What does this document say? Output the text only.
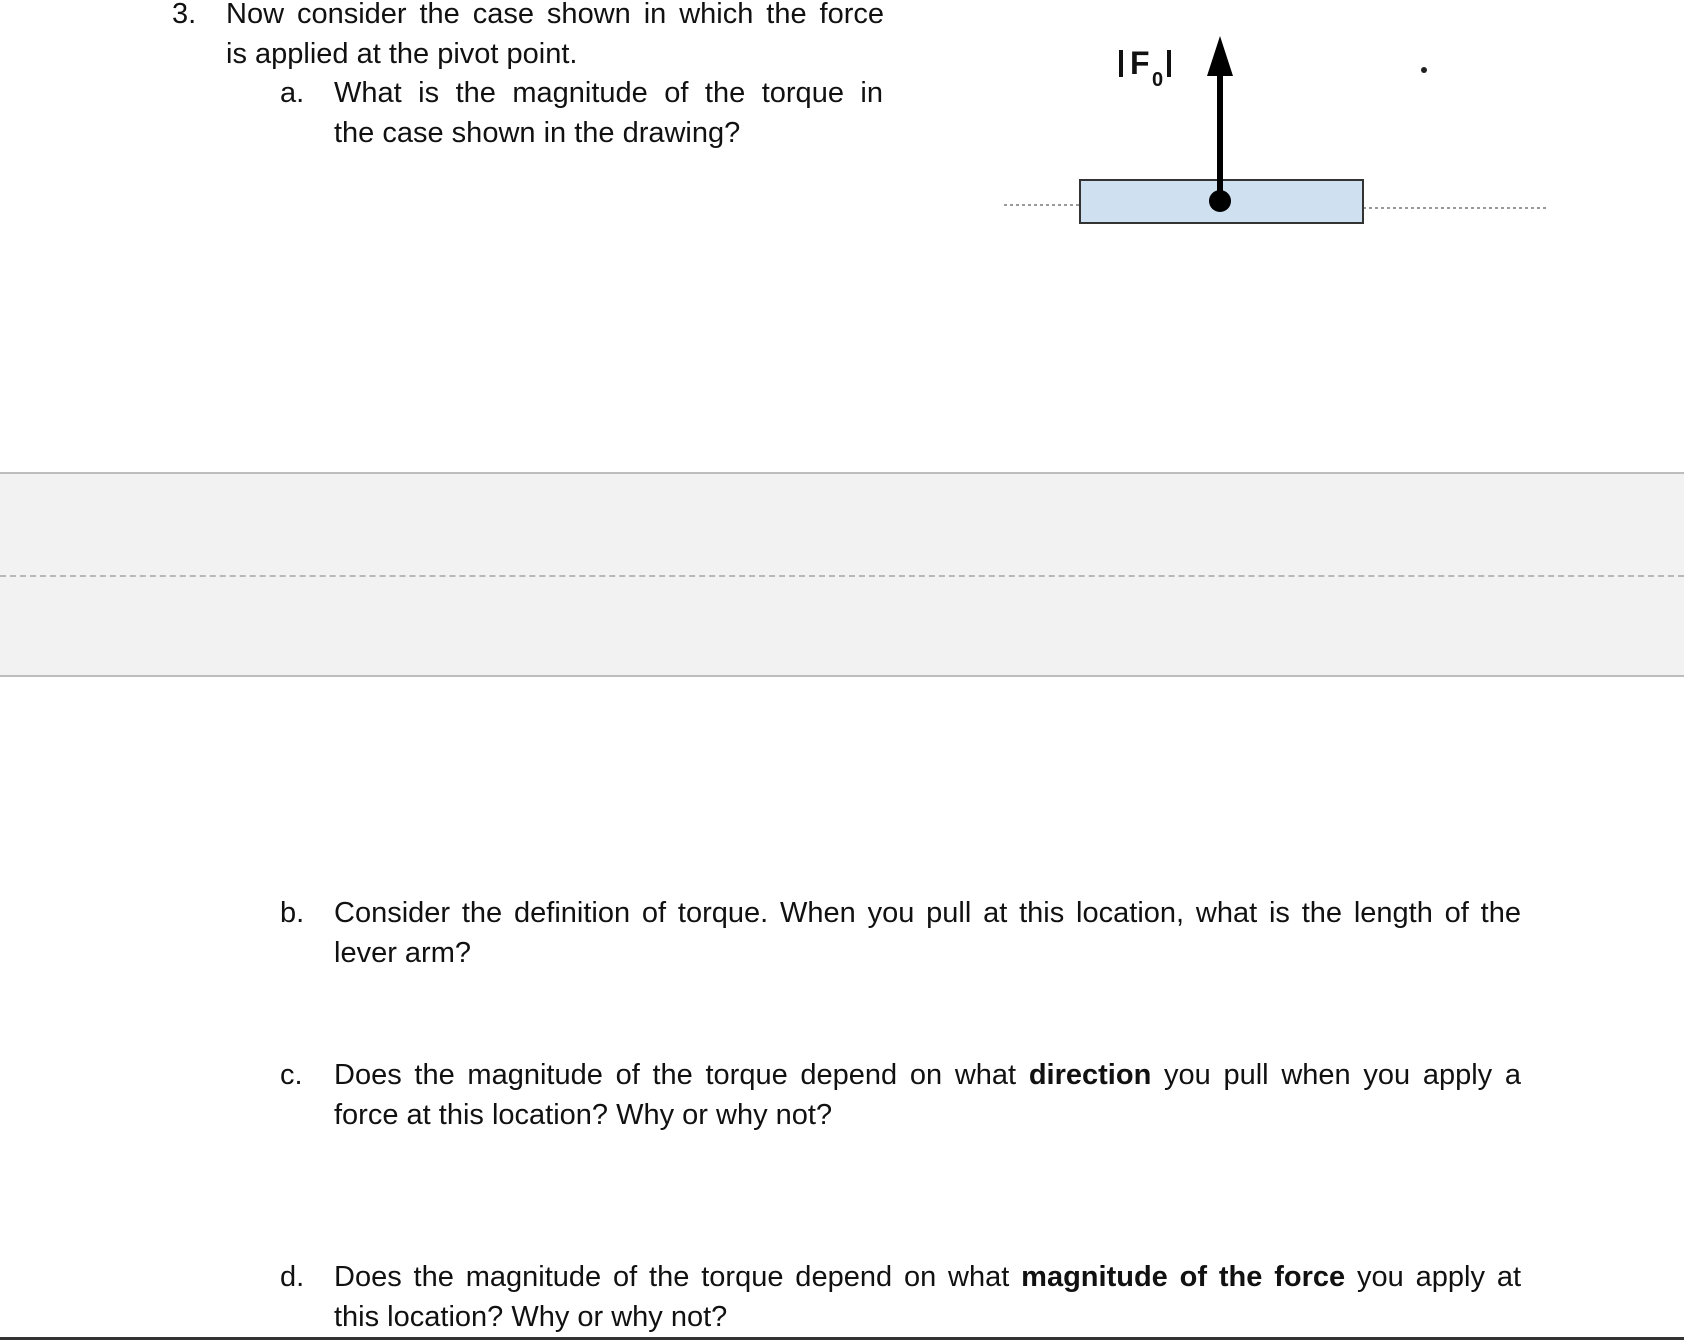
3. Now consider the case shown in which the force
is applied at the pivot point.
a. What is the magnitude of the torque in
the case shown in the drawing?
F 0
b. Consider the definition of torque. When you pull at this location, what is the length of the
lever arm?
c. Does the magnitude of the torque depend on what direction you pull when you apply a
force at this location? Why or why not?
d. Does the magnitude of the torque depend on what magnitude of the force you apply at
this location? Why or why not?
